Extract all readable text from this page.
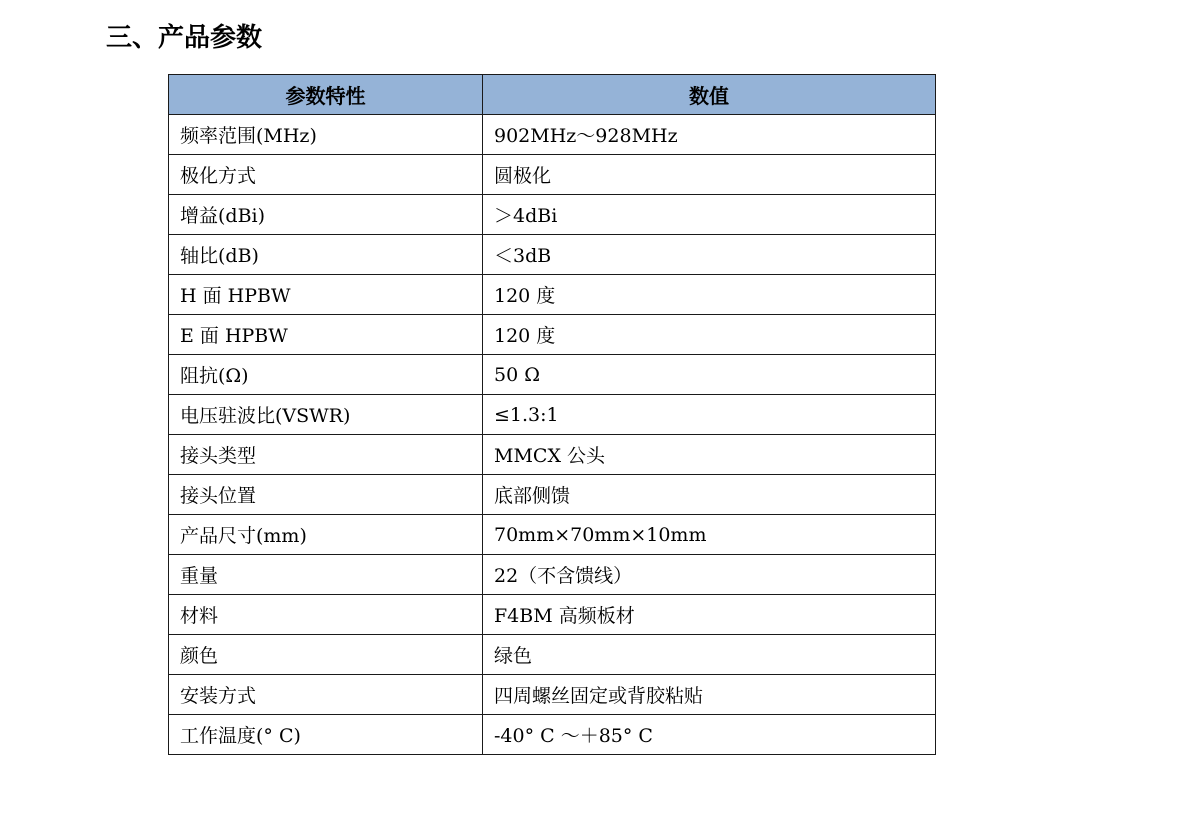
三、产品参数
参数特性	数值
频率范围(MHz)	902MHz～928MHz
极化方式	圆极化
增益(dBi)	＞4dBi
轴比(dB)	＜3dB
H 面 HPBW	120 度
E 面 HPBW	120 度
阻抗(Ω)	50 Ω
电压驻波比(VSWR)	≤1.3:1
接头类型	MMCX 公头
接头位置	底部侧馈
产品尺寸(mm)	70mm×70mm×10mm
重量	22（不含馈线）
材料	F4BM 高频板材
颜色	绿色
安装方式	四周螺丝固定或背胶粘贴
工作温度(° C)	-40° C ～＋85° C
